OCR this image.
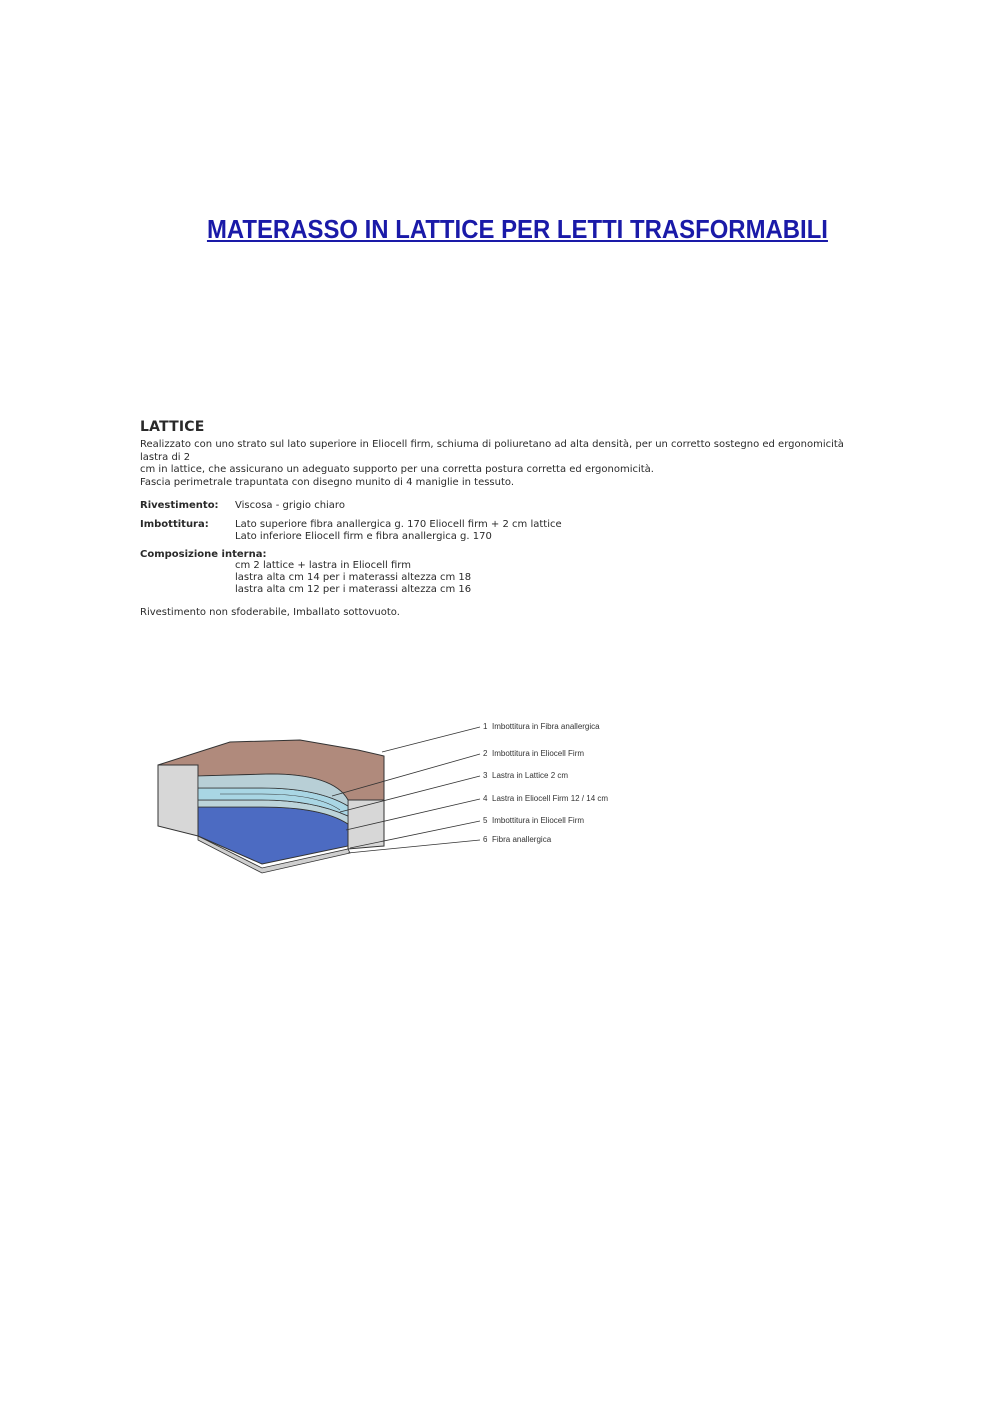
MATERASSO IN LATTICE PER LETTI TRASFORMABILI
LATTICE
Realizzato con uno strato sul lato superiore in Eliocell firm, schiuma di poliuretano ad alta densità, per un corretto sostegno ed ergonomicità lastra di 2
cm in lattice, che assicurano un adeguato supporto per una corretta postura corretta ed ergonomicità.
Fascia perimetrale trapuntata con disegno munito di 4 maniglie in tessuto.
Rivestimento: Viscosa - grigio chiaro
Imbottitura:	Lato superiore fibra anallergica g. 170 Eliocell firm + 2 cm lattice
Lato inferiore Eliocell firm e fibra anallergica g. 170
Composizione interna:
cm 2 lattice + lastra in Eliocell firm
lastra alta cm 14 per i materassi altezza cm 18
lastra alta cm 12 per i materassi altezza cm 16
Rivestimento non sfoderabile, Imballato sottovuoto.
1 Imbottitura in Fibra anallergica
2 Imbottitura in Eliocell Firm
3 Lastra in Lattice 2 cm
4 Lastra in Eliocell Firm 12 / 14 cm
5 Imbottitura in Eliocell Firm
6 Fibra anallergica
